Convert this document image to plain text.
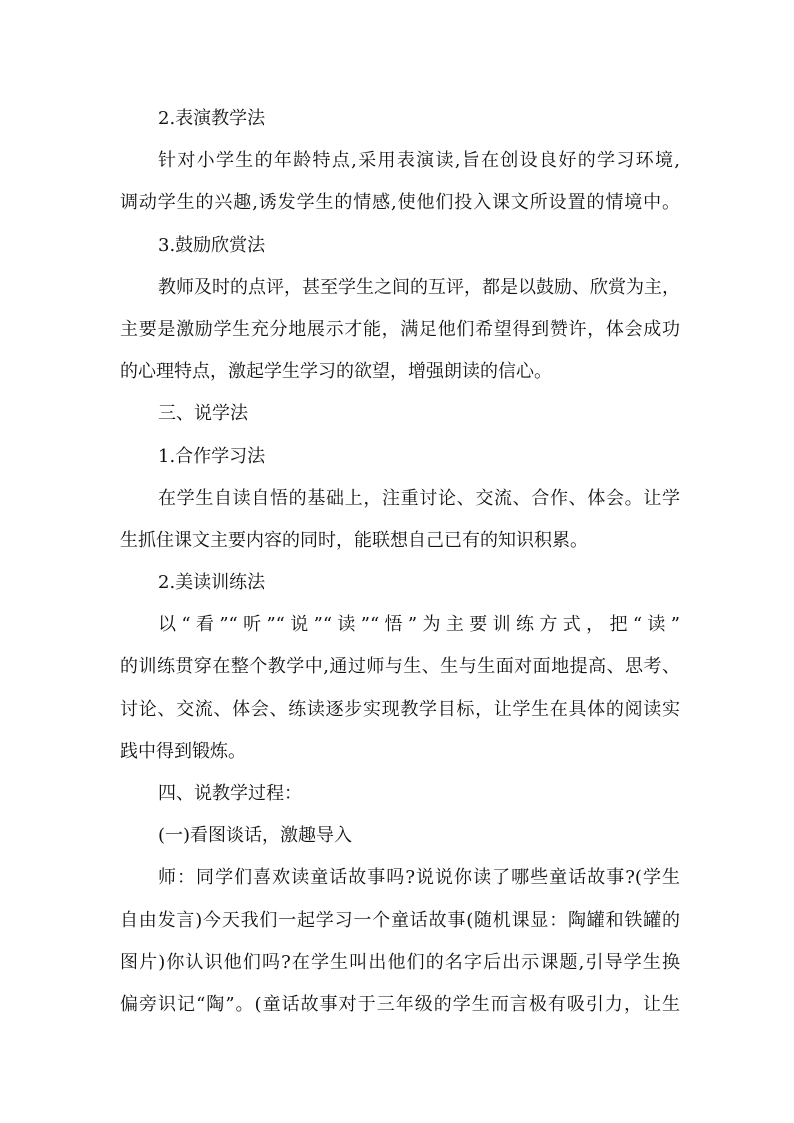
2.表演教学法
针对小学生的年龄特点,采用表演读,旨在创设良好的学习环境,
调动学生的兴趣,诱发学生的情感,使他们投入课文所设置的情境中。
3.鼓励欣赏法
教师及时的点评，甚至学生之间的互评，都是以鼓励、欣赏为主，
主要是激励学生充分地展示才能，满足他们希望得到赞许，体会成功
的心理特点，激起学生学习的欲望，增强朗读的信心。
三、说学法
1.合作学习法
在学生自读自悟的基础上，注重讨论、交流、合作、体会。让学
生抓住课文主要内容的同时，能联想自己已有的知识积累。
2.美读训练法
以“看”“听”“说”“读”“悟”为主要训练方式，把“读”
的训练贯穿在整个教学中,通过师与生、生与生面对面地提高、思考、
讨论、交流、体会、练读逐步实现教学目标，让学生在具体的阅读实
践中得到锻炼。
四、说教学过程：
(一)看图谈话，激趣导入
师：同学们喜欢读童话故事吗?说说你读了哪些童话故事?(学生
自由发言)今天我们一起学习一个童话故事(随机课显：陶罐和铁罐的
图片)你认识他们吗?在学生叫出他们的名字后出示课题,引导学生换
偏旁识记“陶”。(童话故事对于三年级的学生而言极有吸引力，让生
